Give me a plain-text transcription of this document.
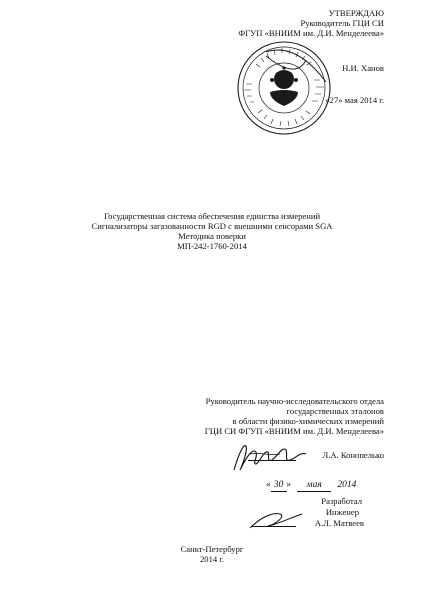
УТВЕРЖДАЮ
Руководитель ГЦИ СИ
ФГУП «ВНИИМ им. Д.И. Менделеева»
Н.И. Ханов
«27» мая 2014 г.
Государственная система обеспечения единства измерений
Сигнализаторы загазованности RGD с внешними сенсорами SGA
Методика поверки
МП-242-1760-2014
Руководитель научно-исследовательского отдела
государственных эталонов
в области физико-химических измерений
ГЦИ СИ ФГУП «ВНИИМ им. Д.И. Менделеева»
Л.А. Конопелько
« 30 » мая 2014
Разработал
Инженер
А.Л. Матвеев
Санкт-Петербург
2014 г.
